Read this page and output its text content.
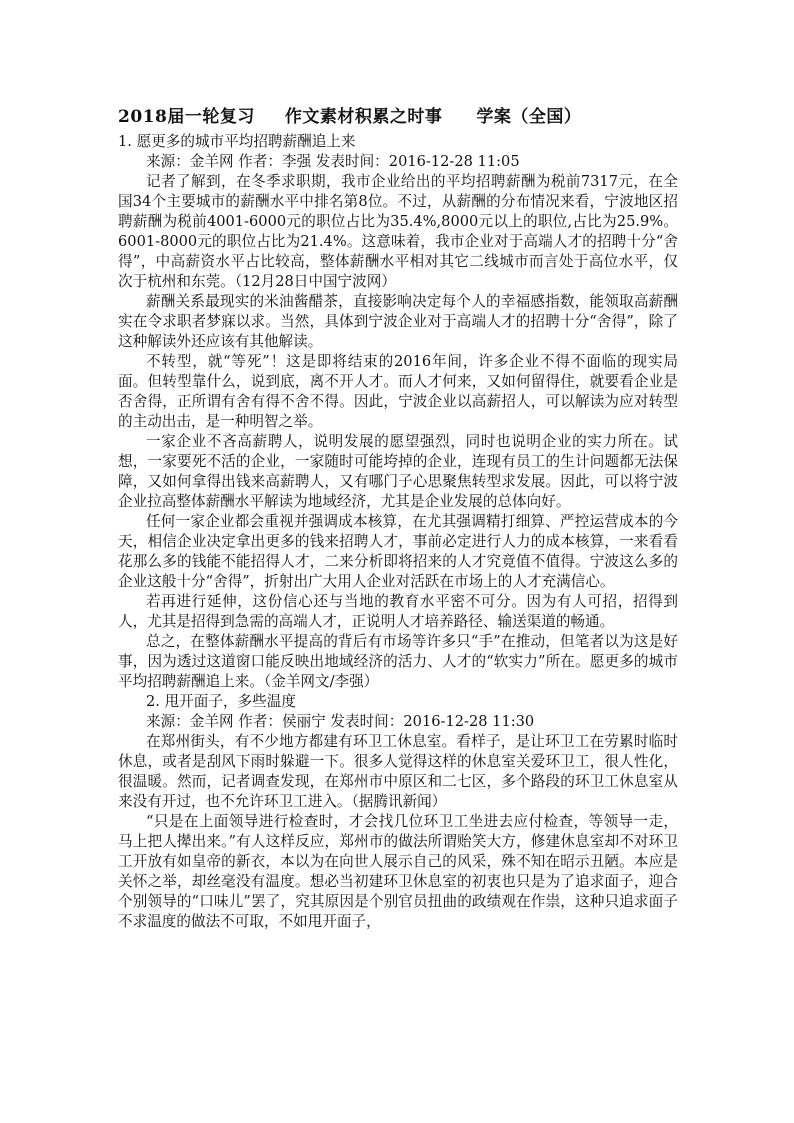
2018届一轮复习 作文素材积累之时事 学案（全国）

1. 愿更多的城市平均招聘薪酬追上来

来源：金羊网 作者：李强 发表时间：2016-12-28 11:05

记者了解到，在冬季求职期，我市企业给出的平均招聘薪酬为税前7317元，在全国34个主要城市的薪酬水平中排名第8位。不过，从薪酬的分布情况来看，宁波地区招聘薪酬为税前4001-6000元的职位占比为35.4%,8000元以上的职位,占比为25.9%。6001-8000元的职位占比为21.4%。这意味着，我市企业对于高端人才的招聘十分“舍得”，中高薪资水平占比较高，整体薪酬水平相对其它二线城市而言处于高位水平，仅次于杭州和东莞。（12月28日中国宁波网）

薪酬关系最现实的米油酱醋茶，直接影响决定每个人的幸福感指数，能领取高薪酬实在令求职者梦寐以求。当然，具体到宁波企业对于高端人才的招聘十分“舍得”，除了这种解读外还应该有其他解读。

不转型，就“等死”！这是即将结束的2016年间，许多企业不得不面临的现实局面。但转型靠什么，说到底，离不开人才。而人才何来，又如何留得住，就要看企业是否舍得，正所谓有舍有得不舍不得。因此，宁波企业以高薪招人，可以解读为应对转型的主动出击，是一种明智之举。

一家企业不吝高薪聘人，说明发展的愿望强烈，同时也说明企业的实力所在。试想，一家要死不活的企业，一家随时可能垮掉的企业，连现有员工的生计问题都无法保障，又如何拿得出钱来高薪聘人，又有哪门子心思聚焦转型求发展。因此，可以将宁波企业拉高整体薪酬水平解读为地域经济，尤其是企业发展的总体向好。

任何一家企业都会重视并强调成本核算，在尤其强调精打细算、严控运营成本的今天，相信企业决定拿出更多的钱来招聘人才，事前必定进行人力的成本核算，一来看看花那么多的钱能不能招得人才，二来分析即将招来的人才究竟值不值得。宁波这么多的企业这般十分“舍得”，折射出广大用人企业对活跃在市场上的人才充满信心。

若再进行延伸，这份信心还与当地的教育水平密不可分。因为有人可招，招得到人，尤其是招得到急需的高端人才，正说明人才培养路径、输送渠道的畅通。

总之，在整体薪酬水平提高的背后有市场等许多只“手”在推动，但笔者以为这是好事，因为透过这道窗口能反映出地域经济的活力、人才的“软实力”所在。愿更多的城市平均招聘薪酬追上来。（金羊网文/李强）

2. 甩开面子，多些温度

来源：金羊网 作者：侯丽宁 发表时间：2016-12-28 11:30

在郑州街头，有不少地方都建有环卫工休息室。看样子，是让环卫工在劳累时临时休息，或者是刮风下雨时躲避一下。很多人觉得这样的休息室关爱环卫工，很人性化，很温暖。然而，记者调查发现，在郑州市中原区和二七区，多个路段的环卫工休息室从来没有开过，也不允许环卫工进入。（据腾讯新闻）

“只是在上面领导进行检查时，才会找几位环卫工坐进去应付检查，等领导一走，马上把人撵出来。”有人这样反应，郑州市的做法所谓贻笑大方，修建休息室却不对环卫工开放有如皇帝的新衣，本以为在向世人展示自己的风采，殊不知在昭示丑陋。本应是关怀之举，却丝毫没有温度。想必当初建环卫休息室的初衷也只是为了追求面子，迎合个别领导的“口味儿”罢了，究其原因是个别官员扭曲的政绩观在作祟，这种只追求面子不求温度的做法不可取，不如甩开面子，
